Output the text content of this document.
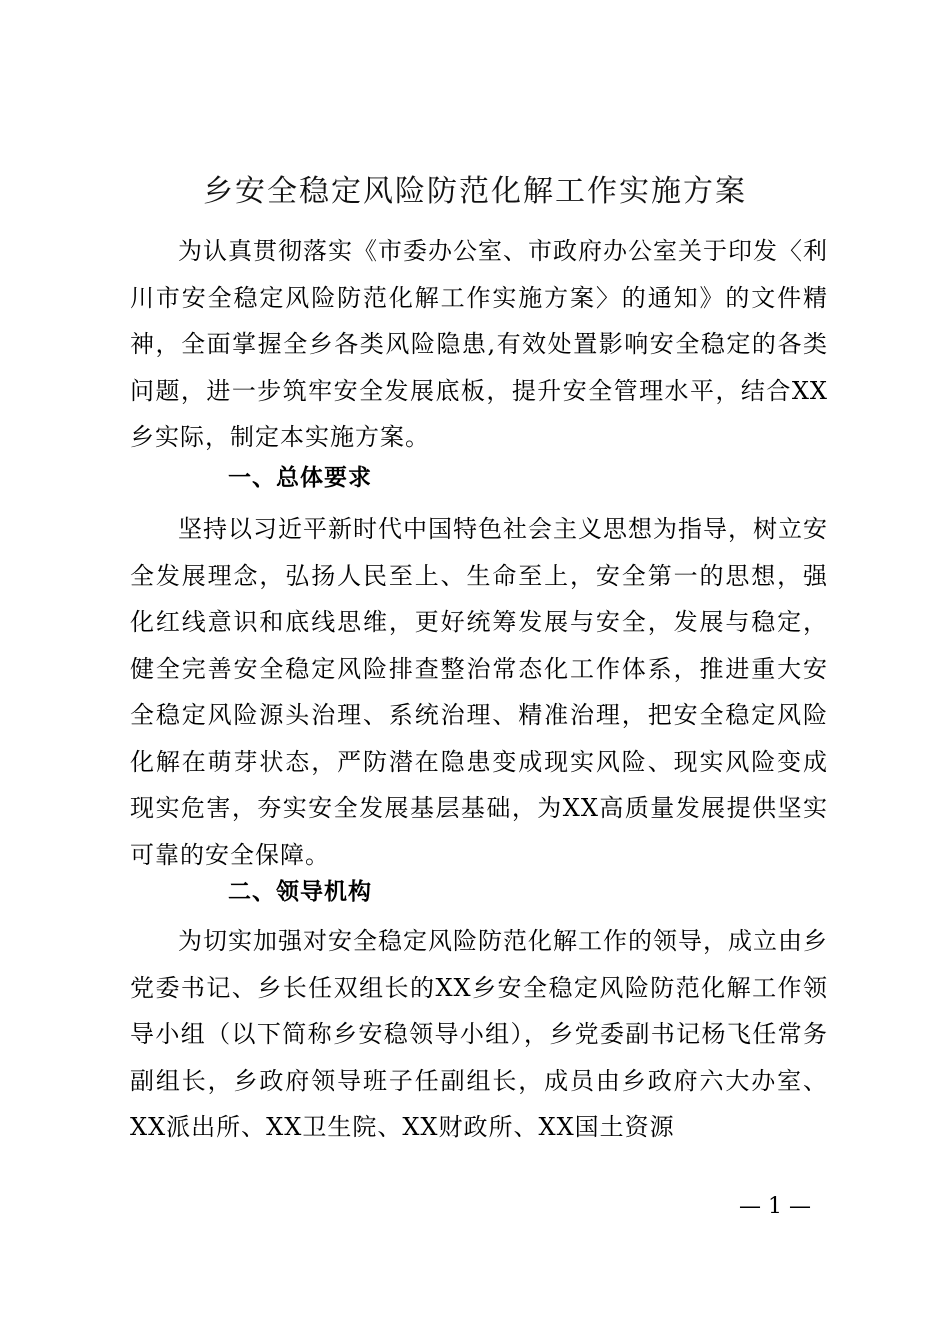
乡安全稳定风险防范化解工作实施方案

为认真贯彻落实《市委办公室、市政府办公室关于印发〈利川市安全稳定风险防范化解工作实施方案〉的通知》的文件精神，全面掌握全乡各类风险隐患,有效处置影响安全稳定的各类问题，进一步筑牢安全发展底板，提升安全管理水平，结合XX乡实际，制定本实施方案。

一、总体要求

坚持以习近平新时代中国特色社会主义思想为指导，树立安全发展理念，弘扬人民至上、生命至上，安全第一的思想，强化红线意识和底线思维，更好统筹发展与安全，发展与稳定，健全完善安全稳定风险排查整治常态化工作体系，推进重大安全稳定风险源头治理、系统治理、精准治理，把安全稳定风险化解在萌芽状态，严防潜在隐患变成现实风险、现实风险变成现实危害，夯实安全发展基层基础，为XX高质量发展提供坚实可靠的安全保障。

二、领导机构

为切实加强对安全稳定风险防范化解工作的领导，成立由乡党委书记、乡长任双组长的XX乡安全稳定风险防范化解工作领导小组（以下简称乡安稳领导小组），乡党委副书记杨飞任常务副组长，乡政府领导班子任副组长，成员由乡政府六大办室、XX派出所、XX卫生院、XX财政所、XX国土资源

— 1 —
